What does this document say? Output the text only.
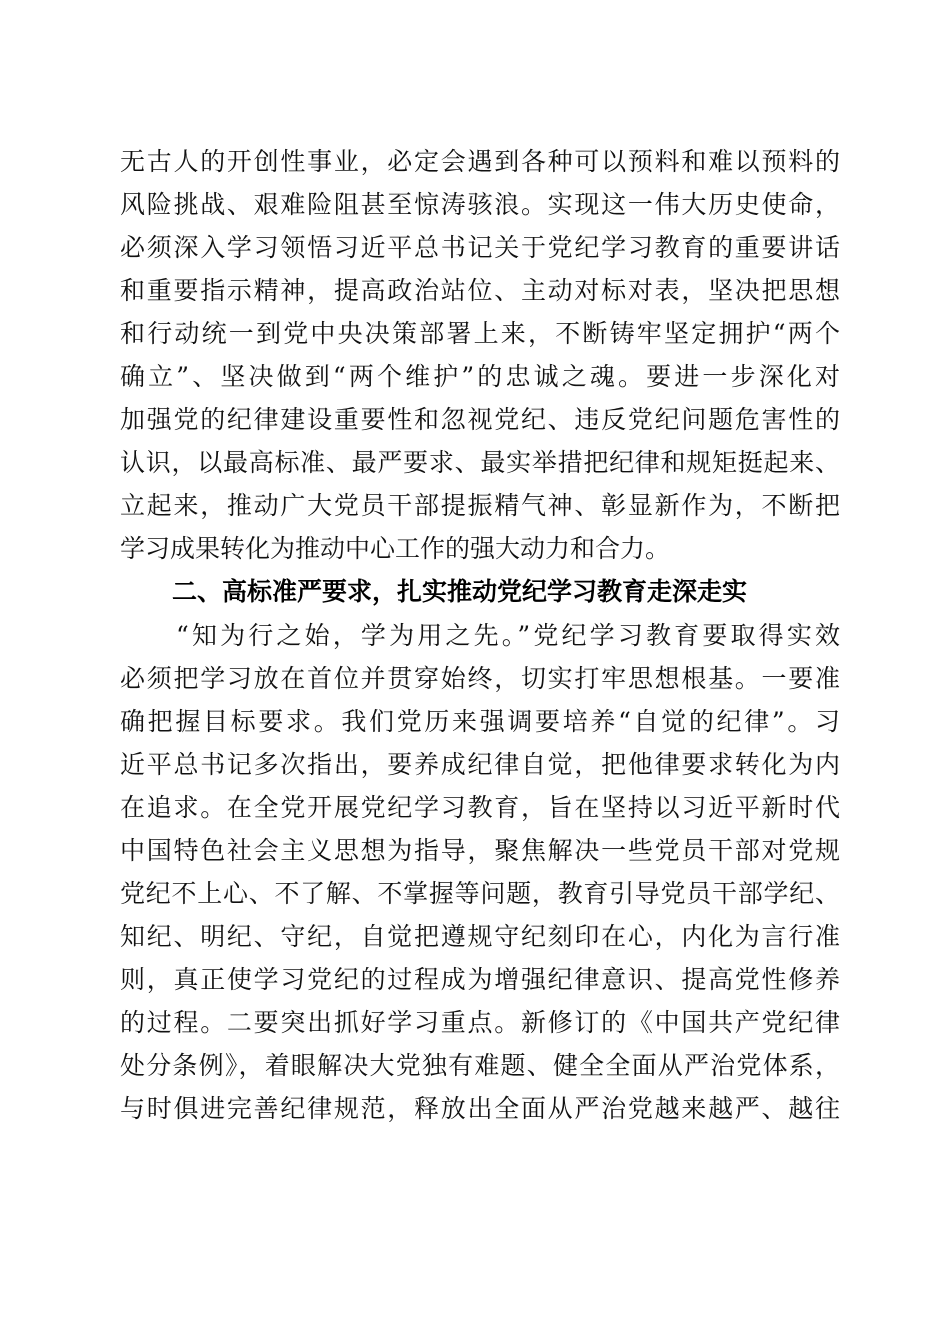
无古人的开创性事业，必定会遇到各种可以预料和难以预料的
风险挑战、艰难险阻甚至惊涛骇浪。实现这一伟大历史使命，
必须深入学习领悟习近平总书记关于党纪学习教育的重要讲话
和重要指示精神，提高政治站位、主动对标对表，坚决把思想
和行动统一到党中央决策部署上来，不断铸牢坚定拥护“两个
确立”、坚决做到“两个维护”的忠诚之魂。要进一步深化对
加强党的纪律建设重要性和忽视党纪、违反党纪问题危害性的
认识，以最高标准、最严要求、最实举措把纪律和规矩挺起来、
立起来，推动广大党员干部提振精气神、彰显新作为，不断把
学习成果转化为推动中心工作的强大动力和合力。
二、高标准严要求，扎实推动党纪学习教育走深走实
“知为行之始，学为用之先。”党纪学习教育要取得实效
必须把学习放在首位并贯穿始终，切实打牢思想根基。一要准
确把握目标要求。我们党历来强调要培养“自觉的纪律”。习
近平总书记多次指出，要养成纪律自觉，把他律要求转化为内
在追求。在全党开展党纪学习教育，旨在坚持以习近平新时代
中国特色社会主义思想为指导，聚焦解决一些党员干部对党规
党纪不上心、不了解、不掌握等问题，教育引导党员干部学纪、
知纪、明纪、守纪，自觉把遵规守纪刻印在心，内化为言行准
则，真正使学习党纪的过程成为增强纪律意识、提高党性修养
的过程。二要突出抓好学习重点。新修订的《中国共产党纪律
处分条例》，着眼解决大党独有难题、健全全面从严治党体系，
与时俱进完善纪律规范，释放出全面从严治党越来越严、越往
